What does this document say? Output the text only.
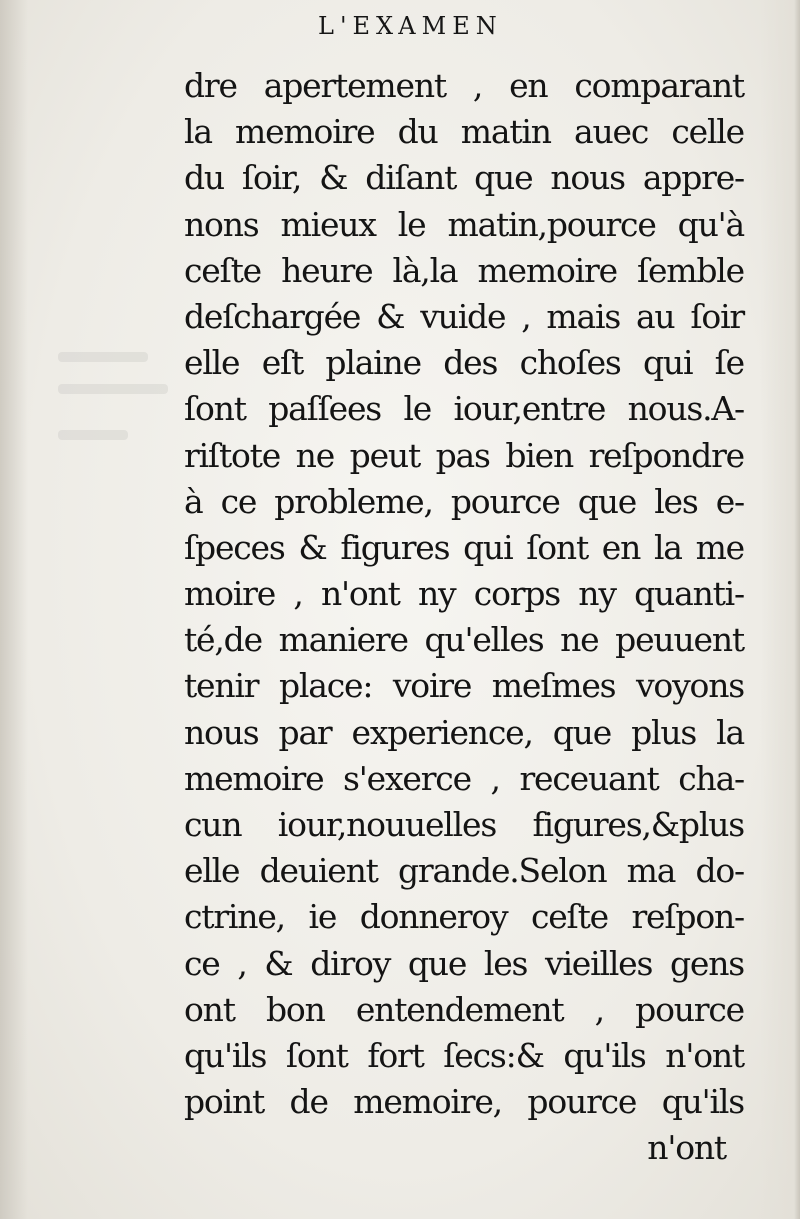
L'EXAMEN
dre apertement , en comparant
la memoire du matin auec celle
du ſoir, & diſant que nous appre-
nons mieux le matin,pource qu'à
ceſte heure là,la memoire ſemble
deſchargée & vuide , mais au ſoir
elle eſt plaine des choſes qui ſe
ſont paſſees le iour,entre nous.A-
riſtote ne peut pas bien reſpondre
à ce probleme, pource que les e-
ſpeces & figures qui ſont en la me
moire , n'ont ny corps ny quanti-
té,de maniere qu'elles ne peuuent
tenir place: voire meſmes voyons
nous par experience, que plus la
memoire s'exerce , receuant cha-
cun iour,nouuelles figures,&plus
elle deuient grande.Selon ma do-
ctrine, ie donneroy ceſte reſpon-
ce , & diroy que les vieilles gens
ont bon entendement , pource
qu'ils ſont fort ſecs:& qu'ils n'ont
point de memoire, pource qu'ils
n'ont
